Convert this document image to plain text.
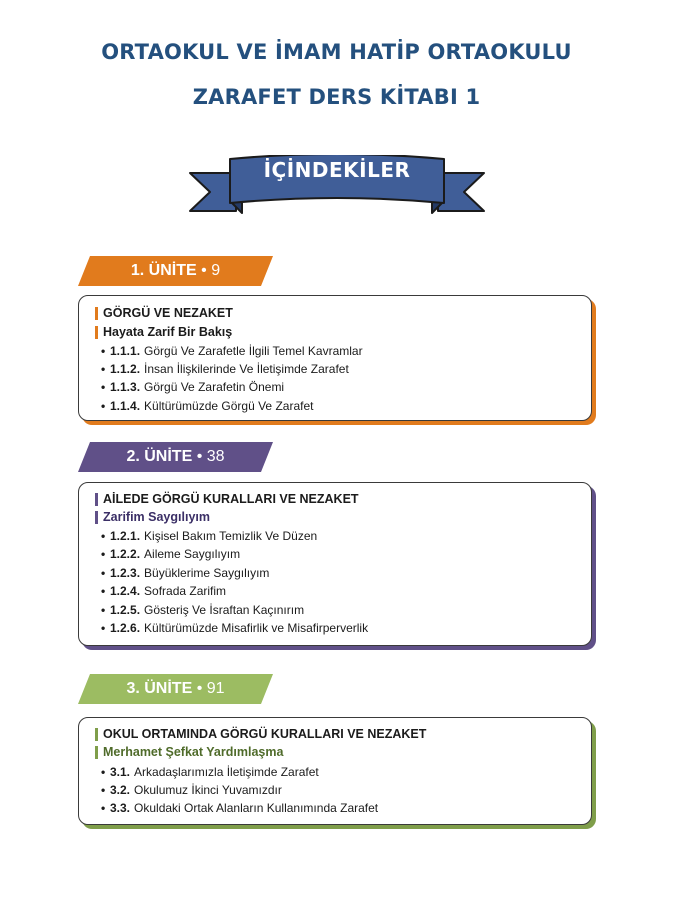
ORTAOKUL VE İMAM HATİP ORTAOKULU
ZARAFET DERS KİTABI 1
İÇİNDEKİLER
1. ÜNİTE • 9
GÖRGÜ VE NEZAKET
Hayata Zarif Bir Bakış
• 1.1.1. Görgü Ve Zarafetle İlgili Temel Kavramlar
• 1.1.2. İnsan İlişkilerinde Ve İletişimde Zarafet
• 1.1.3. Görgü Ve Zarafetin Önemi
• 1.1.4. Kültürümüzde Görgü Ve Zarafet
2. ÜNİTE • 38
AİLEDE GÖRGÜ KURALLARI VE NEZAKET
Zarifim Saygılıyım
• 1.2.1. Kişisel Bakım Temizlik Ve Düzen
• 1.2.2. Aileme Saygılıyım
• 1.2.3. Büyüklerime Saygılıyım
• 1.2.4. Sofrada Zarifim
• 1.2.5. Gösteriş Ve İsraftan Kaçınırım
• 1.2.6. Kültürümüzde Misafirlik ve Misafirperverlik
3. ÜNİTE • 91
OKUL ORTAMINDA GÖRGÜ KURALLARI VE NEZAKET
Merhamet Şefkat Yardımlaşma
• 3.1. Arkadaşlarımızla İletişimde Zarafet
• 3.2. Okulumuz İkinci Yuvamızdır
• 3.3. Okuldaki Ortak Alanların Kullanımında Zarafet
